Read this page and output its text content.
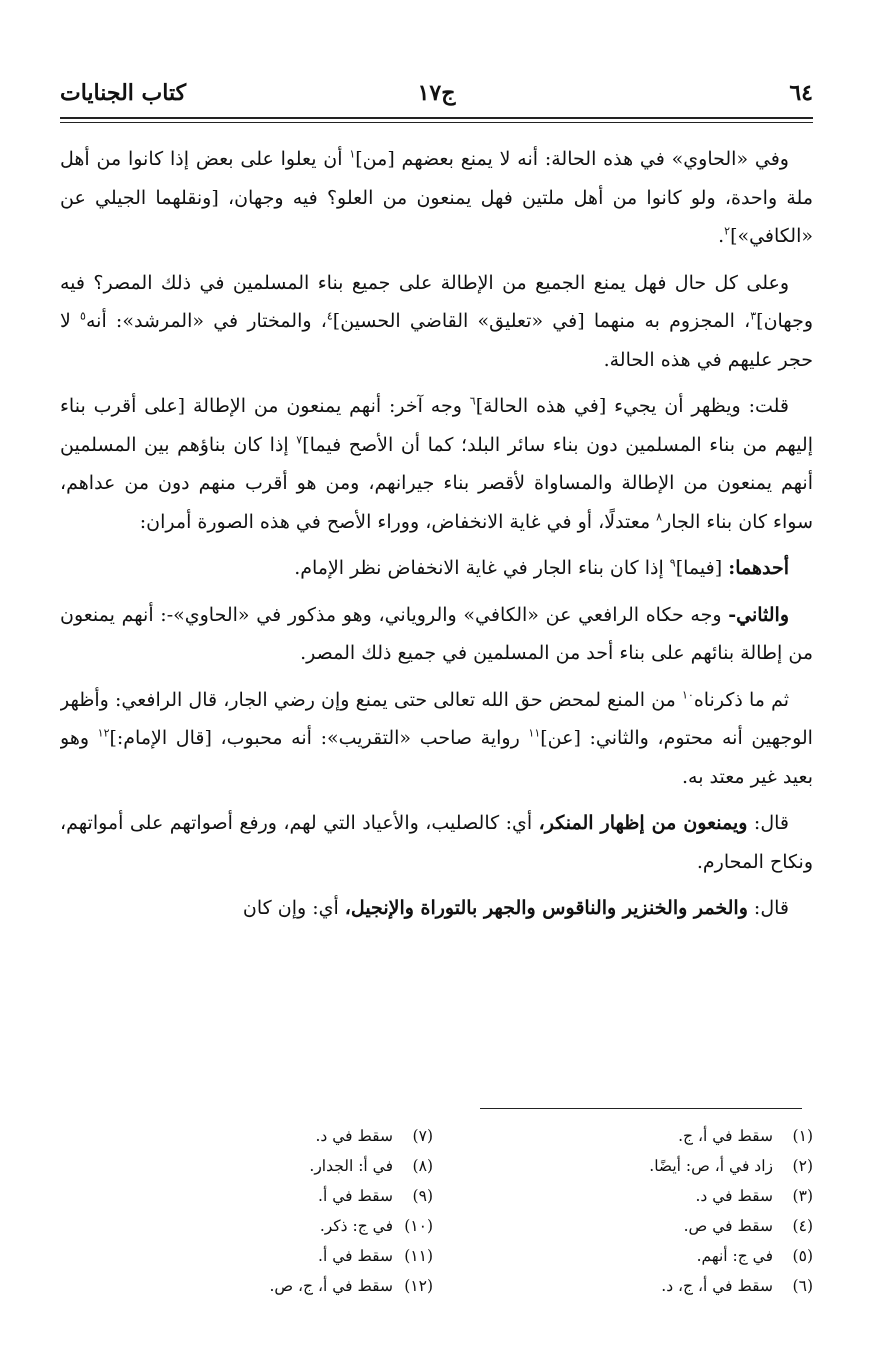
٦٤
ج١٧
كتاب الجنايات

وفي «الحاوي» في هذه الحالة: أنه لا يمنع بعضهم [من]$^١$ أن يعلوا على بعض إذا كانوا من أهل ملة واحدة، ولو كانوا من أهل ملتين فهل يمنعون من العلو؟ فيه وجهان، [ونقلهما الجيلي عن «الكافي»]$^٢$.

وعلى كل حال فهل يمنع الجميع من الإطالة على جميع بناء المسلمين في ذلك المصر؟ فيه وجهان]$^٣$، المجزوم به منهما [في «تعليق» القاضي الحسين]$^٤$، والمختار في «المرشد»: أنه$^٥$ لا حجر عليهم في هذه الحالة.

قلت: ويظهر أن يجيء [في هذه الحالة]$^٦$ وجه آخر: أنهم يمنعون من الإطالة [على أقرب بناء إليهم من بناء المسلمين دون بناء سائر البلد؛ كما أن الأصح فيما]$^٧$ إذا كان بناؤهم بين المسلمين أنهم يمنعون من الإطالة والمساواة لأقصر بناء جيرانهم، ومن هو أقرب منهم دون من عداهم، سواء كان بناء الجار$^٨$ معتدلًا، أو في غاية الانخفاض، ووراء الأصح في هذه الصورة أمران:

أحدهما: [فيما]$^٩$ إذا كان بناء الجار في غاية الانخفاض نظر الإمام.

والثاني- وجه حكاه الرافعي عن «الكافي» والروياني، وهو مذكور في «الحاوي»-: أنهم يمنعون من إطالة بنائهم على بناء أحد من المسلمين في جميع ذلك المصر.

ثم ما ذكرناه$^{١٠}$ من المنع لمحض حق الله تعالى حتى يمنع وإن رضي الجار، قال الرافعي: وأظهر الوجهين أنه محتوم، والثاني: [عن]$^{١١}$ رواية صاحب «التقريب»: أنه محبوب، [قال الإمام:]$^{١٢}$ وهو بعيد غير معتد به.

قال: ويمنعون من إظهار المنكر، أي: كالصليب، والأعياد التي لهم، ورفع أصواتهم على أمواتهم، ونكاح المحارم.

قال: والخمر والخنزير والناقوس والجهر بالتوراة والإنجيل، أي: وإن كان

(١)سقط في أ، ج.
(٢)زاد في أ، ص: أيضًا.
(٣)سقط في د.
(٤)سقط في ص.
(٥)في ج: أنهم.
(٦)سقط في أ، ج، د.
(٧)سقط في د.
(٨)في أ: الجدار.
(٩)سقط في أ.
(١٠)في ج: ذكر.
(١١)سقط في أ.
(١٢)سقط في أ، ج، ص.
